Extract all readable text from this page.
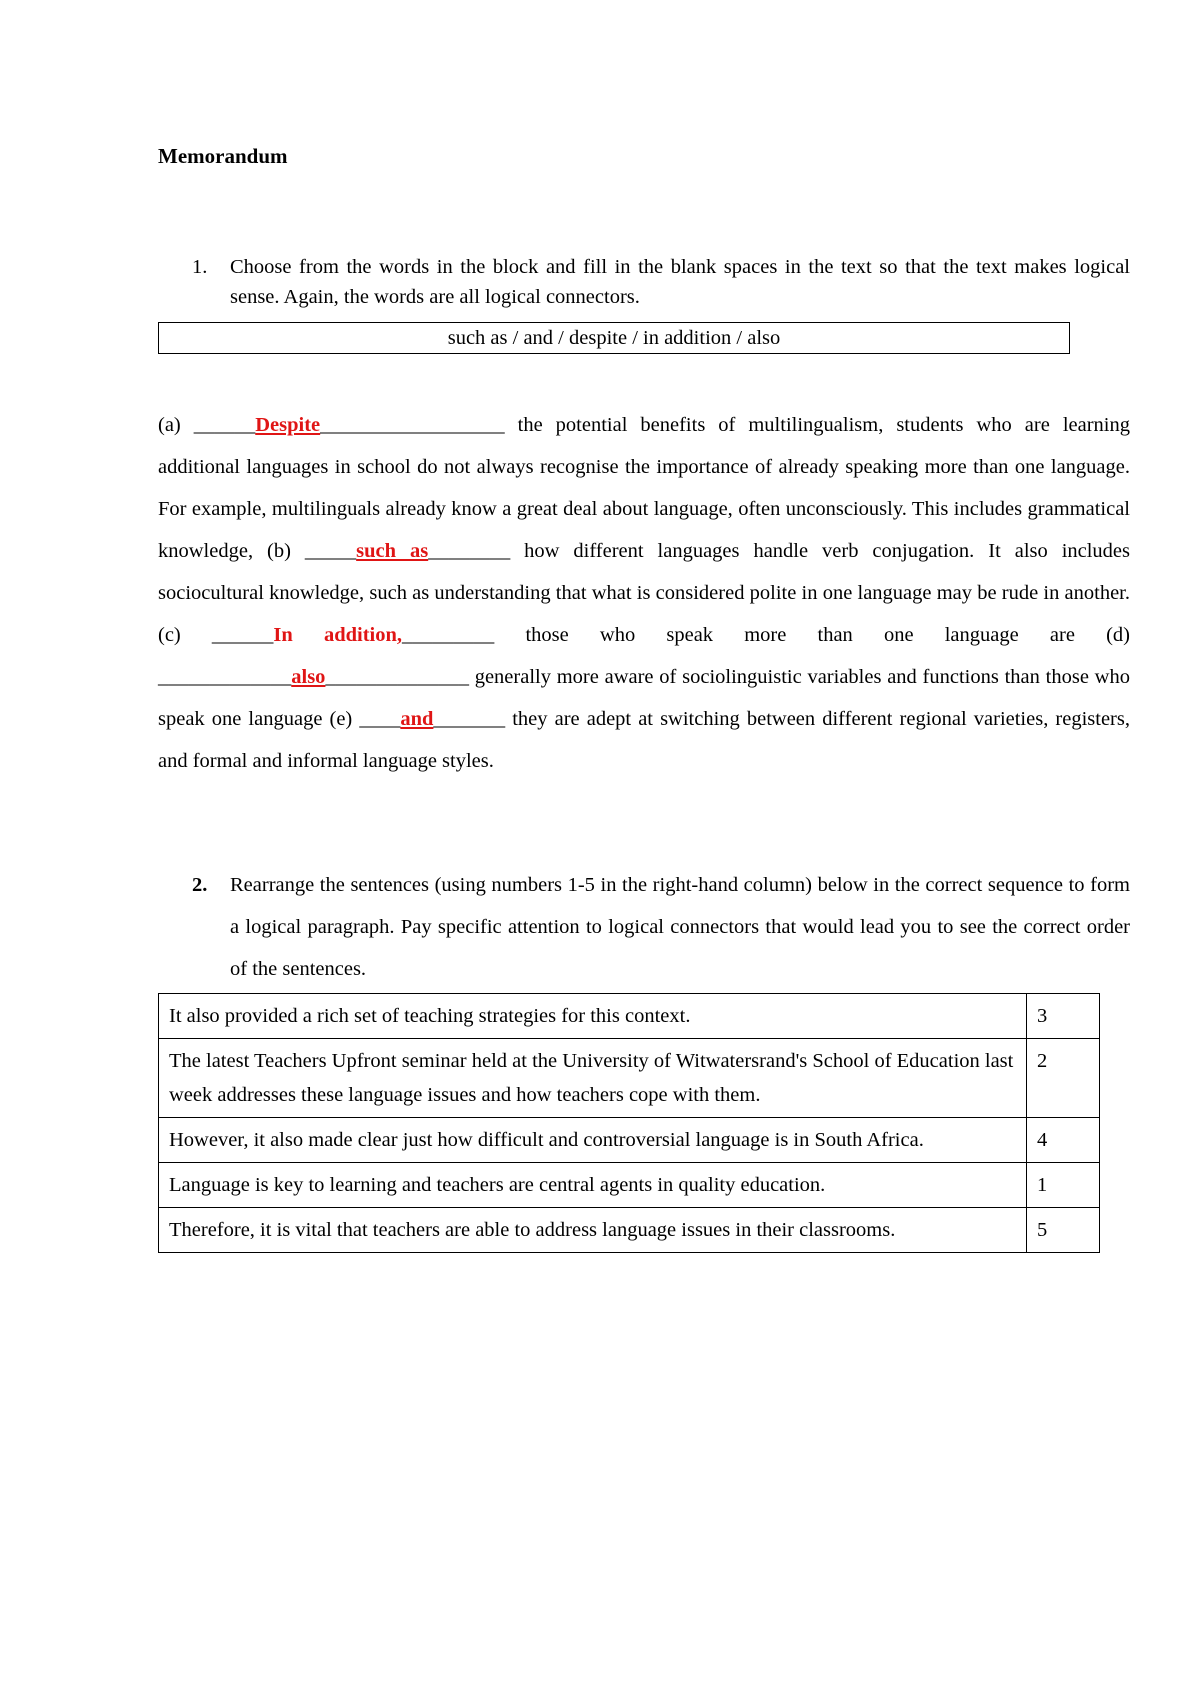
Memorandum
1. Choose from the words in the block and fill in the blank spaces in the text so that the text makes logical sense. Again, the words are all logical connectors.
such as / and / despite / in addition / also
(a) ______Despite__________________ the potential benefits of multilingualism, students who are learning additional languages in school do not always recognise the importance of already speaking more than one language. For example, multilinguals already know a great deal about language, often unconsciously. This includes grammatical knowledge, (b) _____such as________ how different languages handle verb conjugation. It also includes sociocultural knowledge, such as understanding that what is considered polite in one language may be rude in another. (c) ______In addition,_________ those who speak more than one language are (d) _____________also______________ generally more aware of sociolinguistic variables and functions than those who speak one language (e) ____and_______ they are adept at switching between different regional varieties, registers, and formal and informal language styles.
2. Rearrange the sentences (using numbers 1-5 in the right-hand column) below in the correct sequence to form a logical paragraph. Pay specific attention to logical connectors that would lead you to see the correct order of the sentences.
It also provided a rich set of teaching strategies for this context.	3
The latest Teachers Upfront seminar held at the University of Witwatersrand's School of Education last week addresses these language issues and how teachers cope with them.	2
However, it also made clear just how difficult and controversial language is in South Africa.	4
Language is key to learning and teachers are central agents in quality education.	1
Therefore, it is vital that teachers are able to address language issues in their classrooms.	5
